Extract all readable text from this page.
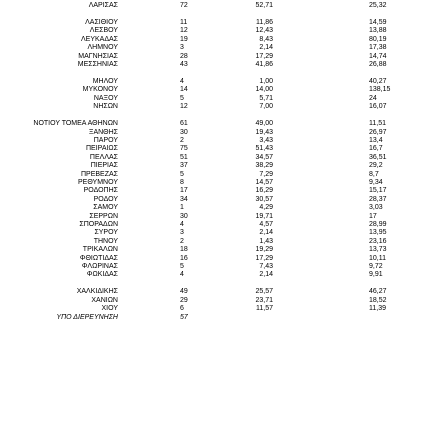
ΛΑΡΙΣΑΣ	72	52,71	25,32
ΛΑΣΙΘΙΟΥ	11	11,86	14,59
ΛΕΣΒΟΥ	12	12,43	13,88
ΛΕΥΚΑΔΑΣ	19	8,43	80,19
ΛΗΜΝΟΥ	3	2,14	17,38
ΜΑΓΝΗΣΙΑΣ	28	17,29	14,74
ΜΕΣΣΗΝΙΑΣ	43	41,86	26,88
ΜΗΛΟΥ	4	1,00	40,27
ΜΥΚΟΝΟΥ	14	14,00	138,15
ΝΑΞΟΥ	5	5,71	24
ΝΗΣΩΝ	12	7,00	16,07
ΝΟΤΙΟΥ ΤΟΜΕΑ ΑΘΗΝΩΝ	61	49,00	11,51
ΞΑΝΘΗΣ	30	19,43	26,97
ΠΑΡΟΥ	2	3,43	13,4
ΠΕΙΡΑΙΩΣ	75	51,43	16,7
ΠΕΛΛΑΣ	51	34,57	36,51
ΠΙΕΡΙΑΣ	37	38,29	29,2
ΠΡΕΒΕΖΑΣ	5	7,29	8,7
ΡΕΘΥΜΝΟΥ	8	14,57	9,34
ΡΟΔΟΠΗΣ	17	16,29	15,17
ΡΟΔΟΥ	34	30,57	28,37
ΣΑΜΟΥ	1	4,29	3,03
ΣΕΡΡΩΝ	30	19,71	17
ΣΠΟΡΑΔΩΝ	4	4,57	28,99
ΣΥΡΟΥ	3	2,14	13,95
ΤΗΝΟΥ	2	1,43	23,16
ΤΡΙΚΑΛΩΝ	18	19,29	13,73
ΦΘΙΩΤΙΔΑΣ	16	17,29	10,11
ΦΛΩΡΙΝΑΣ	5	7,43	9,72
ΦΩΚΙΔΑΣ	4	2,14	9,91
ΧΑΛΚΙΔΙΚΗΣ	49	25,57	46,27
ΧΑΝΙΩΝ	29	23,71	18,52
ΧΙΟΥ	6	11,57	11,39
ΥΠΟ ΔΙΕΡΕΥΝΗΣΗ	57
